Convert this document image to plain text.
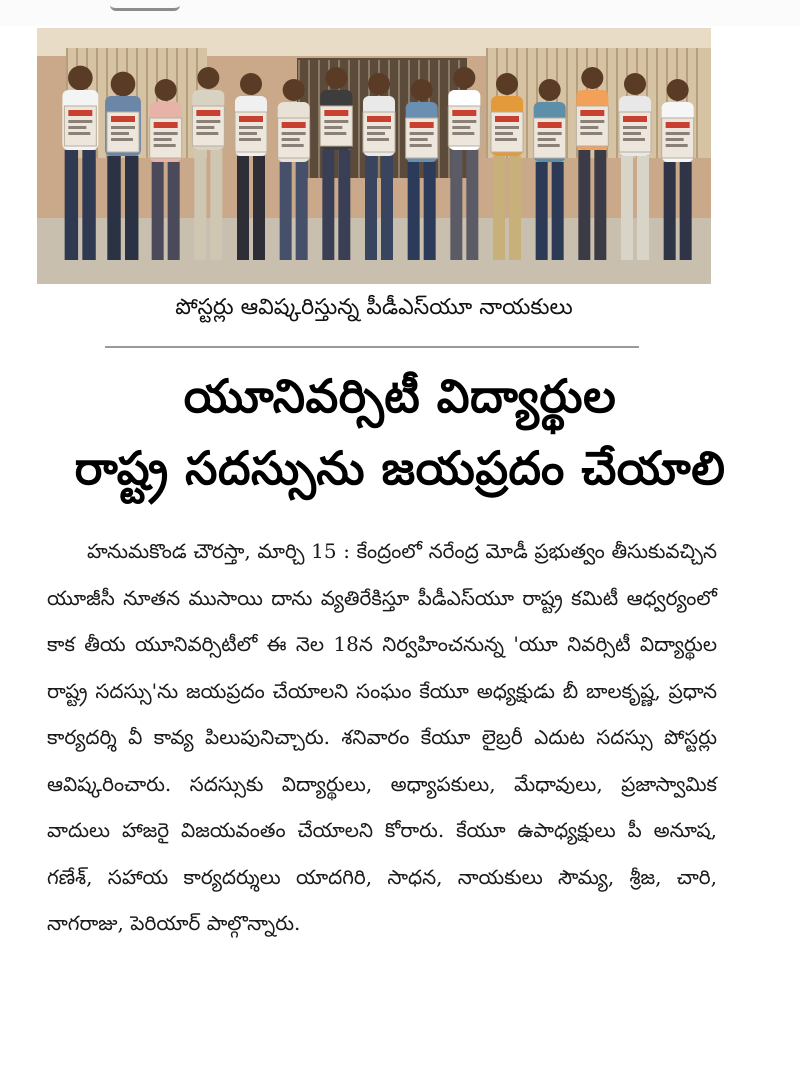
పోస్టర్లు ఆవిష్కరిస్తున్న పీడీఎస్‌యూ నాయకులు
యూనివర్సిటీ విద్యార్థుల
రాష్ట్ర సదస్సును జయప్రదం చేయాలి
హనుమకొండ చౌరస్తా, మార్చి 15 : కేంద్రంలో నరేంద్ర మోడీ ప్రభుత్వం తీసుకువచ్చిన యూజీసీ నూతన ముసాయి దాను వ్యతిరేకిస్తూ పీడీఎస్‌యూ రాష్ట్ర కమిటీ ఆధ్వర్యంలో కాక తీయ యూనివర్సిటీలో ఈ నెల 18న నిర్వహించనున్న 'యూ నివర్సిటీ విద్యార్థుల రాష్ట్ర సదస్సు'ను జయప్రదం చేయాలని సంఘం కేయూ అధ్యక్షుడు బీ బాలకృష్ణ, ప్రధాన కార్యదర్శి వీ కావ్య పిలుపునిచ్చారు. శనివారం కేయూ లైబ్రరీ ఎదుట సదస్సు పోస్టర్లు ఆవిష్కరించారు. సదస్సుకు విద్యార్థులు, అధ్యాపకులు, మేధావులు, ప్రజాస్వామిక వాదులు హాజరై విజయవంతం చేయాలని కోరారు. కేయూ ఉపాధ్యక్షులు పీ అనూష, గణేశ్, సహాయ కార్యదర్శులు యాదగిరి, సాధన, నాయకులు సౌమ్య, శ్రీజ, చారి, నాగరాజు, పెరియార్ పాల్గొన్నారు.
